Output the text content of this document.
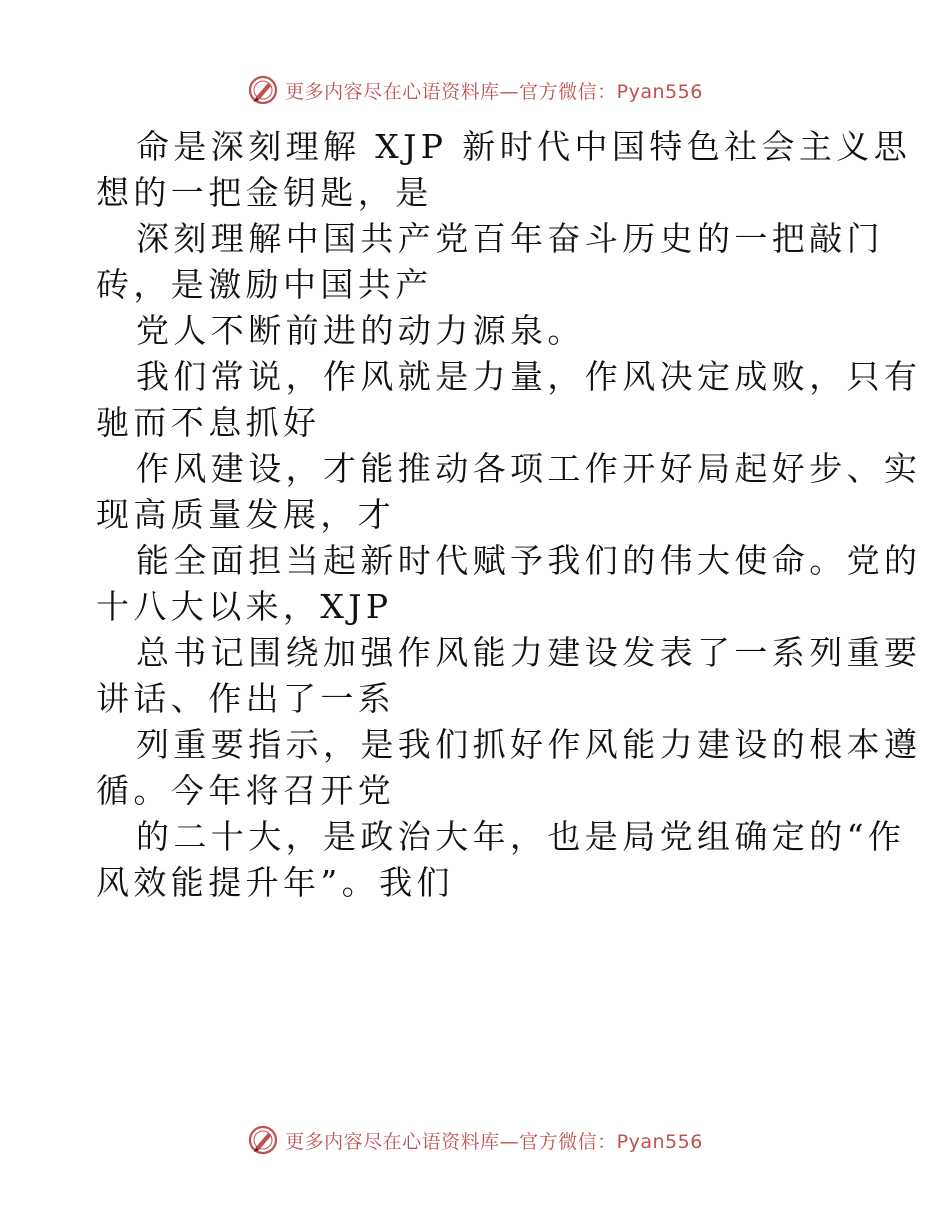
更多内容尽在心语资料库—官方微信：Pyan556
命是深刻理解 XJP 新时代中国特色社会主义思
想的一把金钥匙，是
深刻理解中国共产党百年奋斗历史的一把敲门
砖，是激励中国共产
党人不断前进的动力源泉。
我们常说，作风就是力量，作风决定成败，只有
驰而不息抓好
作风建设，才能推动各项工作开好局起好步、实
现高质量发展，才
能全面担当起新时代赋予我们的伟大使命。党的
十八大以来，XJP
总书记围绕加强作风能力建设发表了一系列重要
讲话、作出了一系
列重要指示，是我们抓好作风能力建设的根本遵
循。今年将召开党
的二十大，是政治大年，也是局党组确定的“作
风效能提升年”。我们
更多内容尽在心语资料库—官方微信：Pyan556
